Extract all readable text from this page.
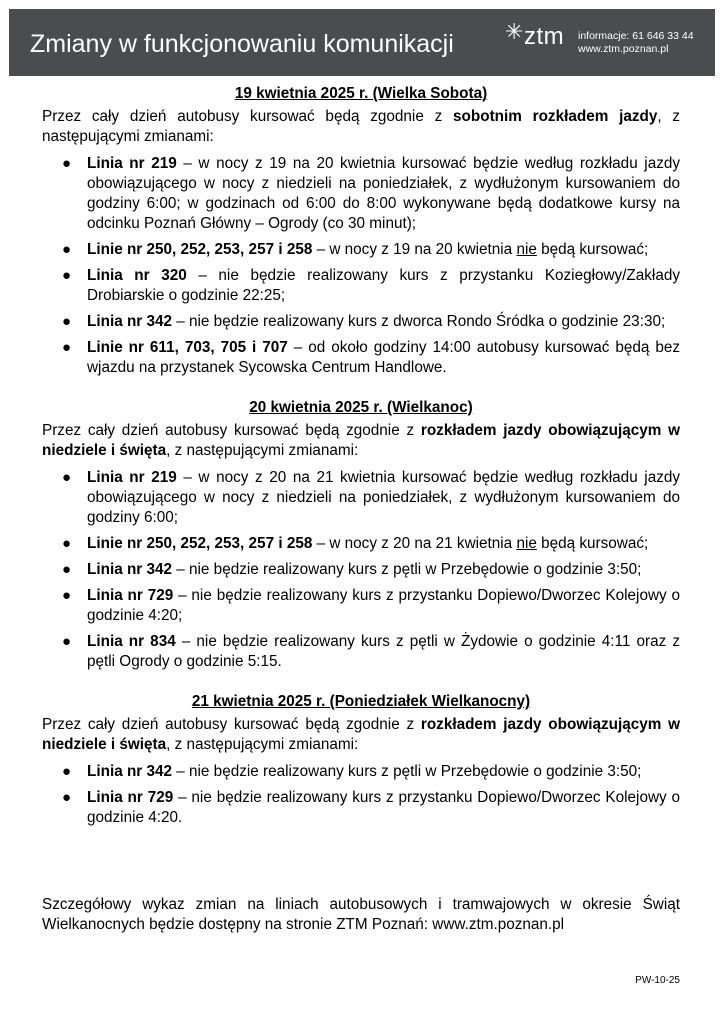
Zmiany w funkcjonowaniu komunikacji ✳ztm informacje: 61 646 33 44
www.ztm.poznan.pl

19 kwietnia 2025 r. (Wielka Sobota)

Przez cały dzień autobusy kursować będą zgodnie z sobotnim rozkładem jazdy, z następującymi zmianami:

● Linia nr 219 – w nocy z 19 na 20 kwietnia kursować będzie według rozkładu jazdy obowiązującego w nocy z niedzieli na poniedziałek, z wydłużonym kursowaniem do godziny 6:00; w godzinach od 6:00 do 8:00 wykonywane będą dodatkowe kursy na odcinku Poznań Główny – Ogrody (co 30 minut);
● Linie nr 250, 252, 253, 257 i 258 – w nocy z 19 na 20 kwietnia nie będą kursować;
● Linia nr 320 – nie będzie realizowany kurs z przystanku Koziegłowy/Zakłady Drobiarskie o godzinie 22:25;
● Linia nr 342 – nie będzie realizowany kurs z dworca Rondo Śródka o godzinie 23:30;
● Linie nr 611, 703, 705 i 707 – od około godziny 14:00 autobusy kursować będą bez wjazdu na przystanek Sycowska Centrum Handlowe.

20 kwietnia 2025 r. (Wielkanoc)

Przez cały dzień autobusy kursować będą zgodnie z rozkładem jazdy obowiązującym w niedziele i święta, z następującymi zmianami:

● Linia nr 219 – w nocy z 20 na 21 kwietnia kursować będzie według rozkładu jazdy obowiązującego w nocy z niedzieli na poniedziałek, z wydłużonym kursowaniem do godziny 6:00;
● Linie nr 250, 252, 253, 257 i 258 – w nocy z 20 na 21 kwietnia nie będą kursować;
● Linia nr 342 – nie będzie realizowany kurs z pętli w Przebędowie o godzinie 3:50;
● Linia nr 729 – nie będzie realizowany kurs z przystanku Dopiewo/Dworzec Kolejowy o godzinie 4:20;
● Linia nr 834 – nie będzie realizowany kurs z pętli w Żydowie o godzinie 4:11 oraz z pętli Ogrody o godzinie 5:15.

21 kwietnia 2025 r. (Poniedziałek Wielkanocny)

Przez cały dzień autobusy kursować będą zgodnie z rozkładem jazdy obowiązującym w niedziele i święta, z następującymi zmianami:

● Linia nr 342 – nie będzie realizowany kurs z pętli w Przebędowie o godzinie 3:50;
● Linia nr 729 – nie będzie realizowany kurs z przystanku Dopiewo/Dworzec Kolejowy o godzinie 4:20.
Szczegółowy wykaz zmian na liniach autobusowych i tramwajowych w okresie Świąt Wielkanocnych będzie dostępny na stronie ZTM Poznań: www.ztm.poznan.pl
PW-10-25
